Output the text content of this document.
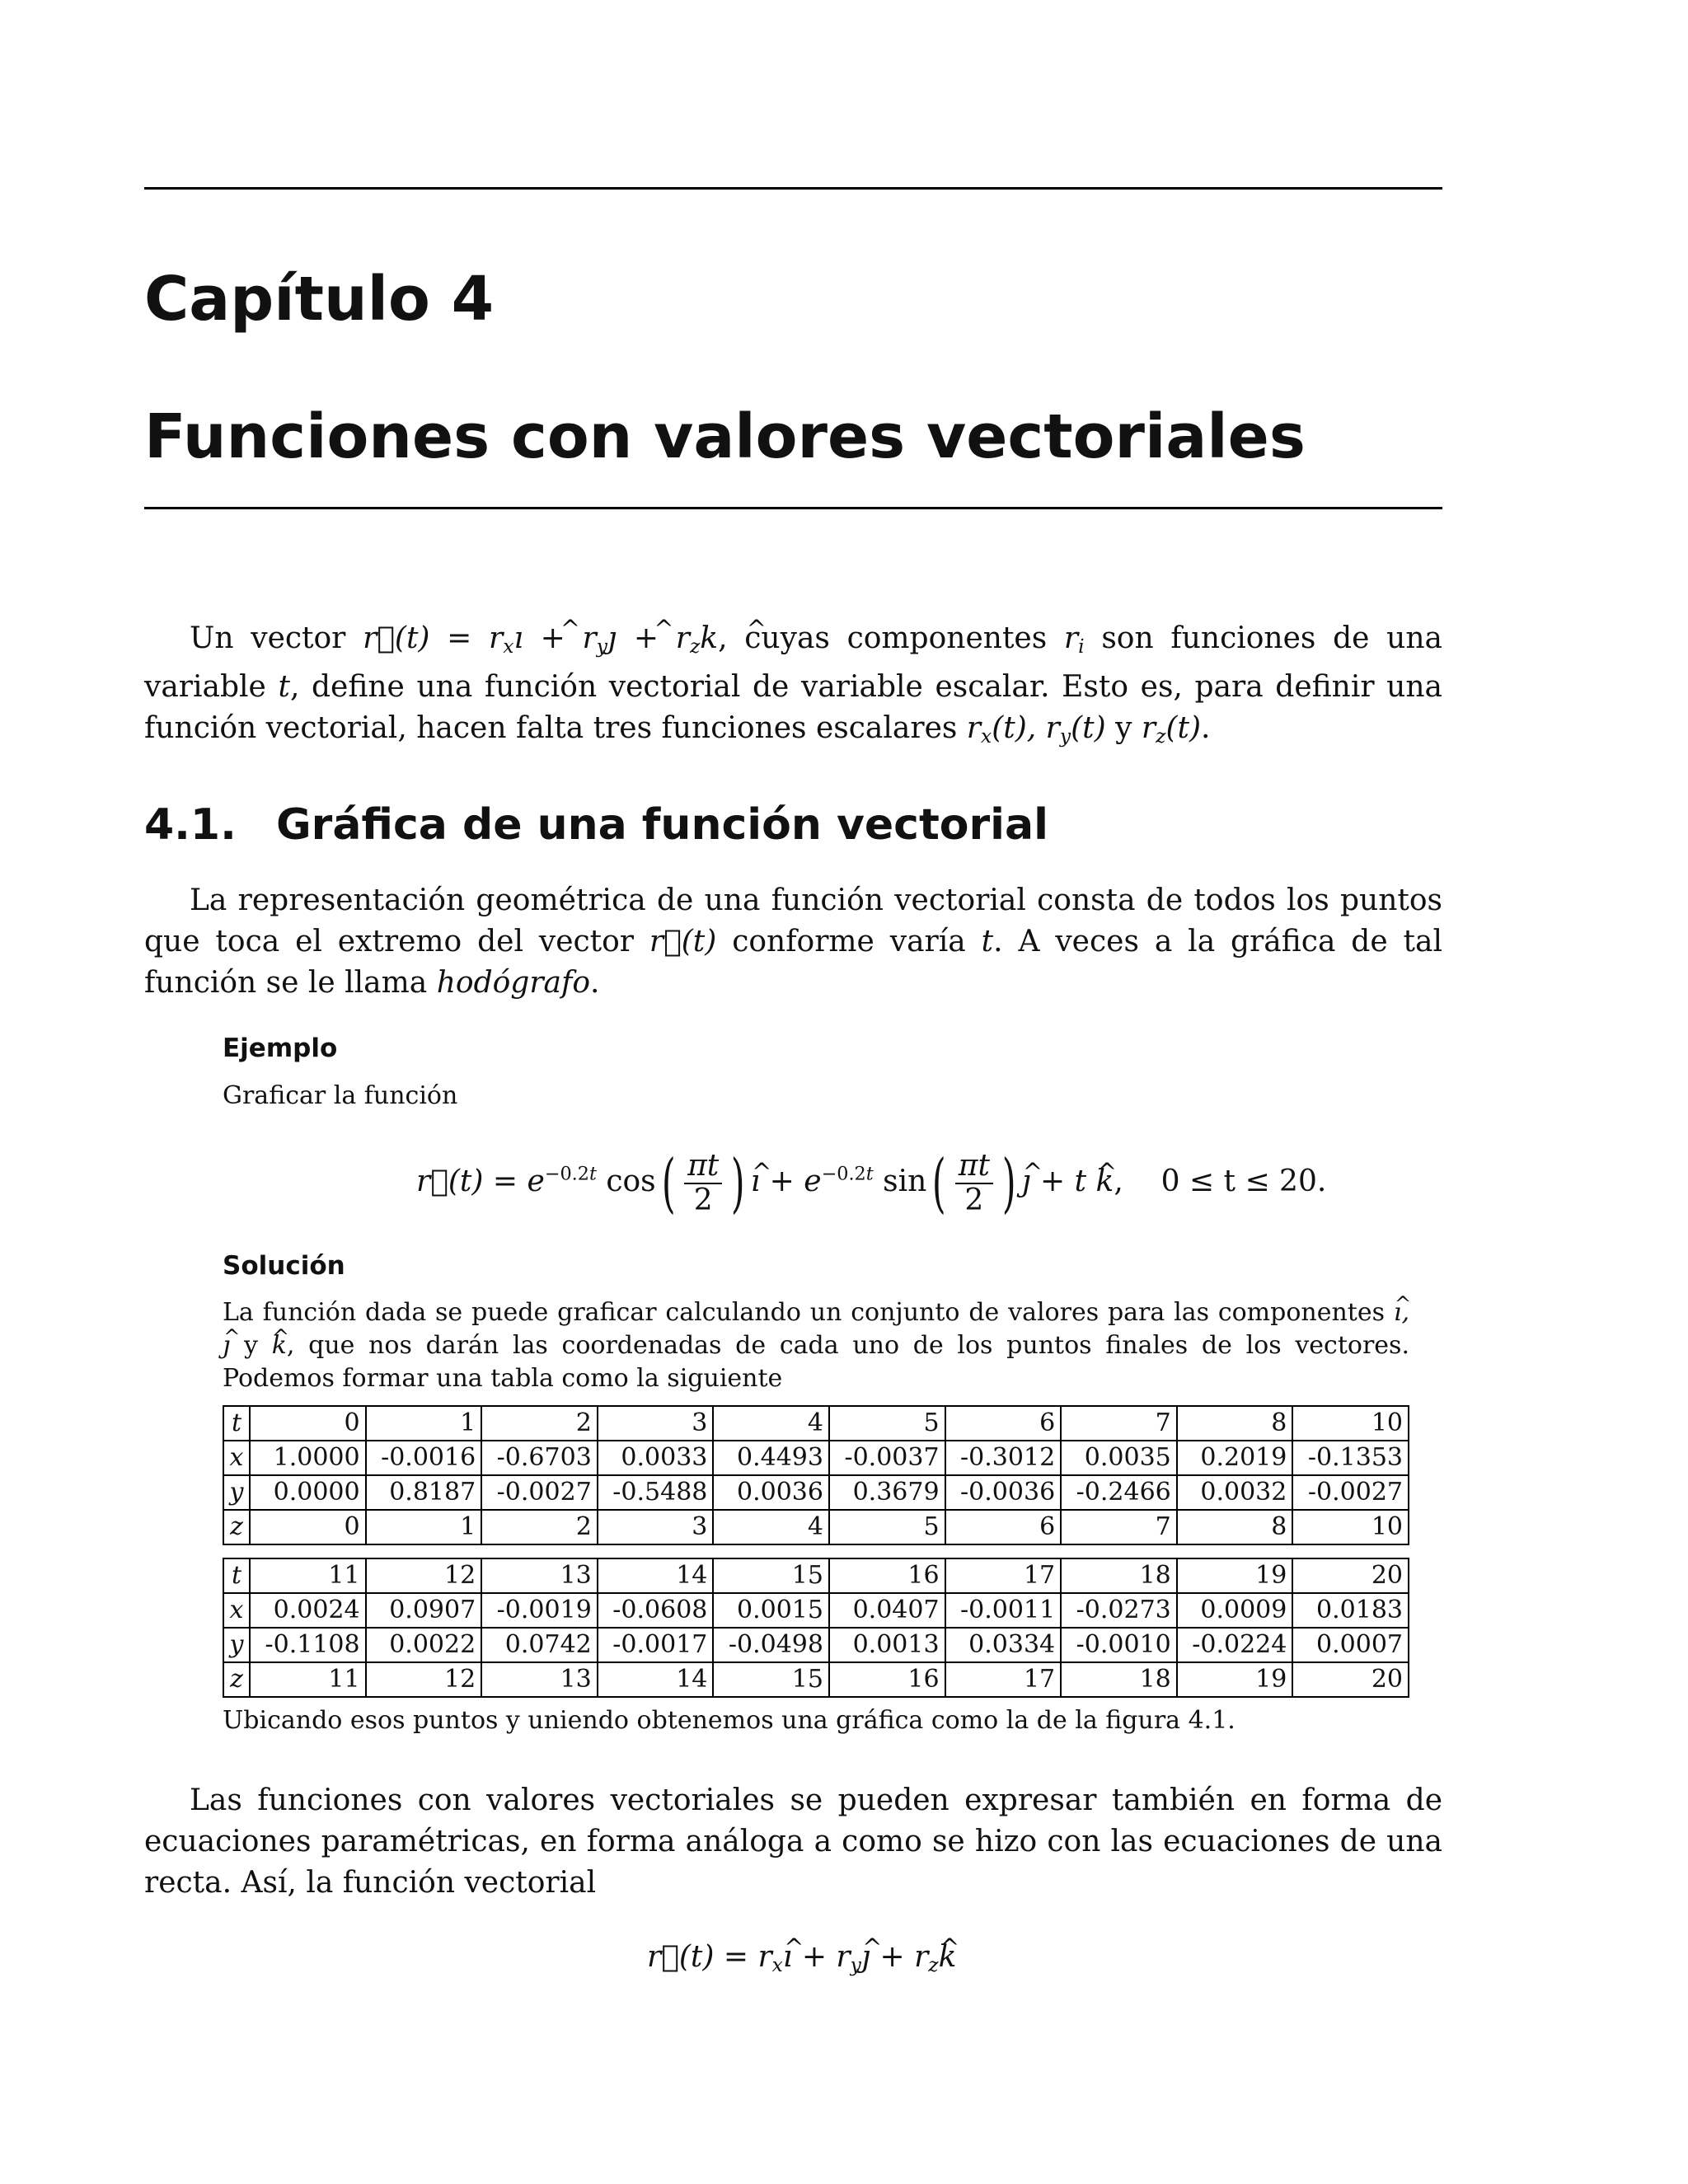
Capítulo 4
Funciones con valores vectoriales

Un vector r⃗(t) = $r_x\^{}$ ı + $r_y\^{}$ ȷ + $r_z\^{}$ k, cuyas componentes $r_i$ son funciones de una variable t, define una función vectorial de variable escalar. Esto es, para definir una función vectorial, hacen falta tres funciones escalares $r_x(t)$, $r_y(t)$ y $r_z(t)$.

4.1. Gráfica de una función vectorial

La representación geométrica de una función vectorial consta de todos los puntos que toca el extremo del vector r⃗(t) conforme varía t. A veces a la gráfica de tal función se le llama hodógrafo.

Ejemplo

Graficar la función

r⃗(t) = $e^{-0.2t}$ $\cos( \frac{\pi t}{2}$ ) ^ ı + $e^{-0.2t}$ $\sin( \frac{\pi t}{2}$ ) ^ ȷ + t ^ k,    0 ≤ t ≤ 20.
Solución

La función dada se puede graficar calculando un conjunto de valores para las componentes ^ ı, ^ ȷ y ^ k, que nos darán las coordenadas de cada uno de los puntos finales de los vectores. Podemos formar una tabla como la siguiente

t	0	1	2	3	4	5	6	7	8	10
x	1.0000	-0.0016	-0.6703	0.0033	0.4493	-0.0037	-0.3012	0.0035	0.2019	-0.1353
y	0.0000	0.8187	-0.0027	-0.5488	0.0036	0.3679	-0.0036	-0.2466	0.0032	-0.0027
z	0	1	2	3	4	5	6	7	8	10
t	11	12	13	14	15	16	17	18	19	20
x	0.0024	0.0907	-0.0019	-0.0608	0.0015	0.0407	-0.0011	-0.0273	0.0009	0.0183
y	-0.1108	0.0022	0.0742	-0.0017	-0.0498	0.0013	0.0334	-0.0010	-0.0224	0.0007
z	11	12	13	14	15	16	17	18	19	20

Ubicando esos puntos y uniendo obtenemos una gráfica como la de la figura 4.1.

Las funciones con valores vectoriales se pueden expresar también en forma de ecuaciones paramétricas, en forma análoga a como se hizo con las ecuaciones de una recta. Así, la función vectorial

r⃗(t) = $r_x\^{}$ ı + $r_y\^{}$ ȷ + $r_z\^{}$ k
